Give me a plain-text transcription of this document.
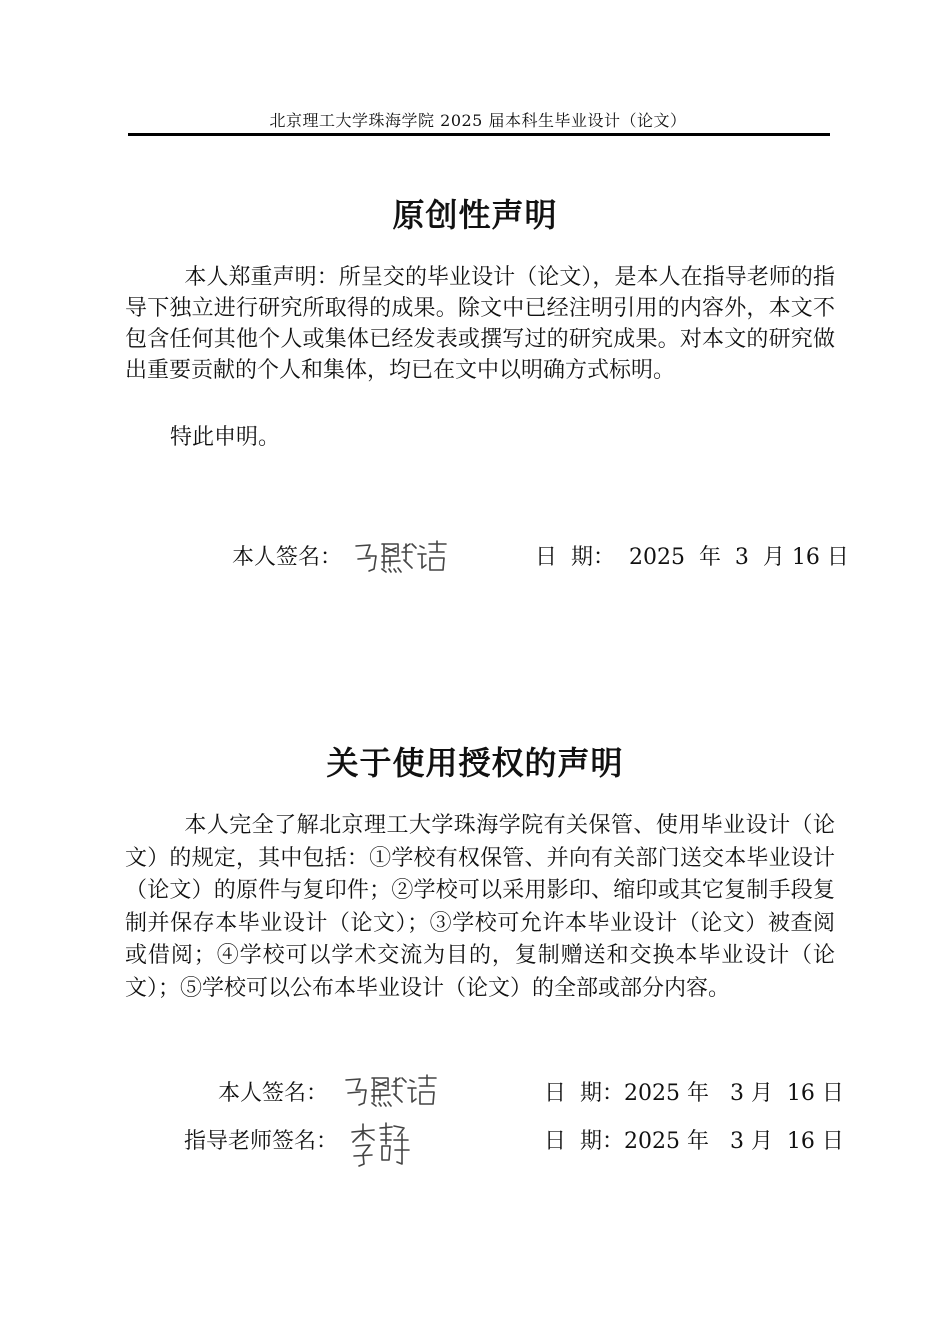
北京理工大学珠海学院 2025 届本科生毕业设计（论文）
原创性声明

本人郑重声明：所呈交的毕业设计（论文），是本人在指导老师的指导下独立进行研究所取得的成果。除文中已经注明引用的内容外，本文不包含任何其他个人或集体已经发表或撰写过的研究成果。对本文的研究做出重要贡献的个人和集体，均已在文中以明确方式标明。

特此申明。

本人签名：	日  期：  2025  年  3  月 16 日
关于使用授权的声明

本人完全了解北京理工大学珠海学院有关保管、使用毕业设计（论文）的规定，其中包括：①学校有权保管、并向有关部门送交本毕业设计（论文）的原件与复印件；②学校可以采用影印、缩印或其它复制手段复制并保存本毕业设计（论文）；③学校可允许本毕业设计（论文）被查阅或借阅；④学校可以学术交流为目的，复制赠送和交换本毕业设计（论文）；⑤学校可以公布本毕业设计（论文）的全部或部分内容。

本人签名：	日  期：2025 年   3 月  16 日
指导老师签名：	日  期：2025 年   3 月  16 日
